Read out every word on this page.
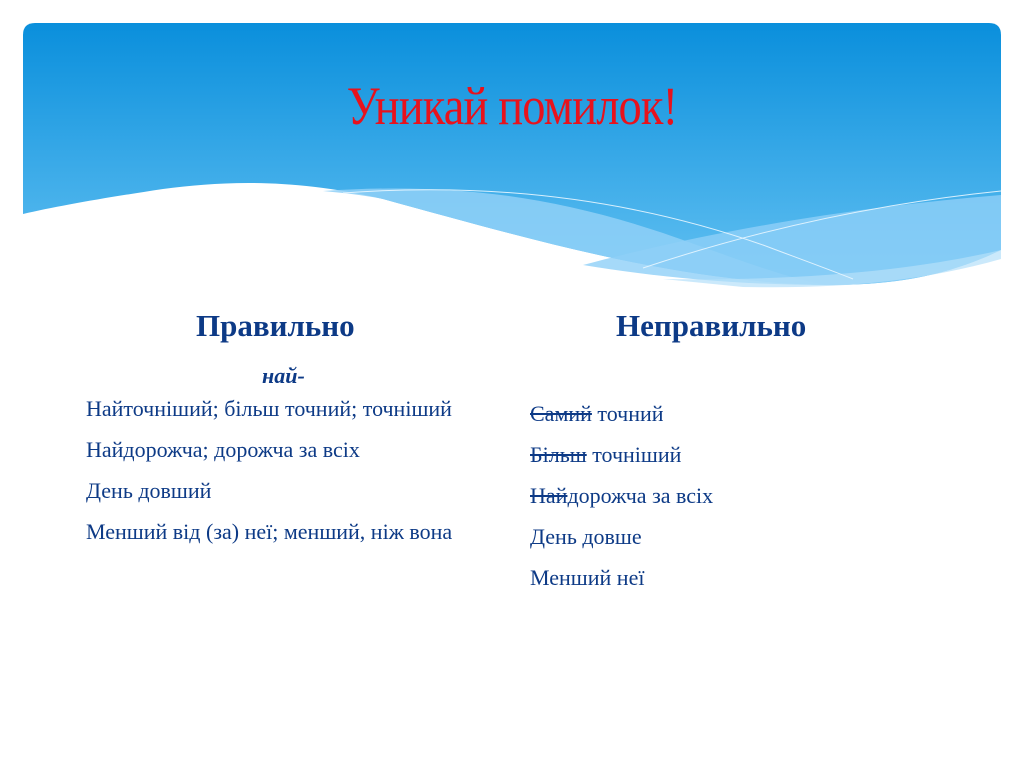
Уникай помилок!
Правильно
най-
Найточніший; більш точний; точніший
Найдорожча; дорожча за всіх
День довший
Менший від (за) неї; менший, ніж вона
Неправильно
Самий точний
Більш точніший
Найдорожча за всіх
День довше
Менший неї
